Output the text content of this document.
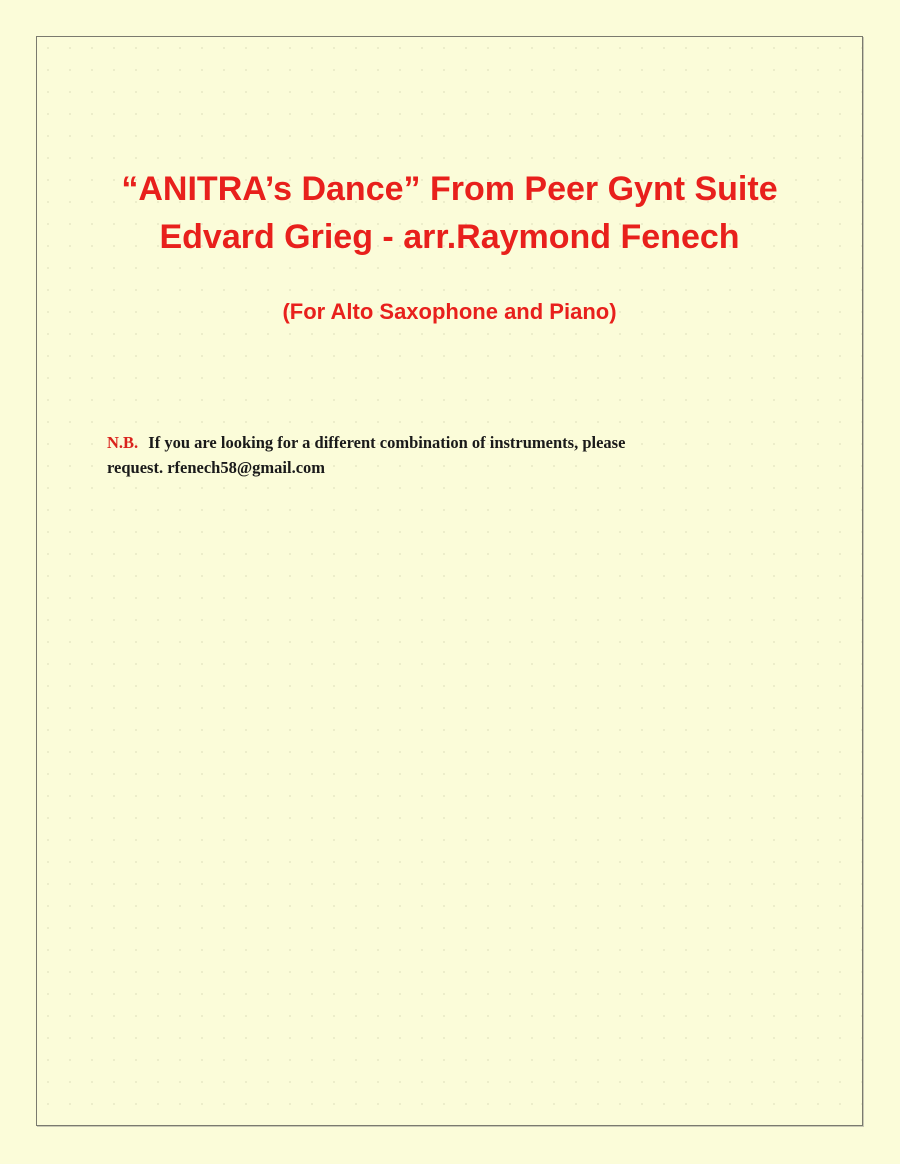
“ANITRA’s Dance” From Peer Gynt Suite
Edvard Grieg - arr.Raymond Fenech
(For Alto Saxophone and Piano)
N.B. If you are looking for a different combination of instruments, please
request. rfenech58@gmail.com
